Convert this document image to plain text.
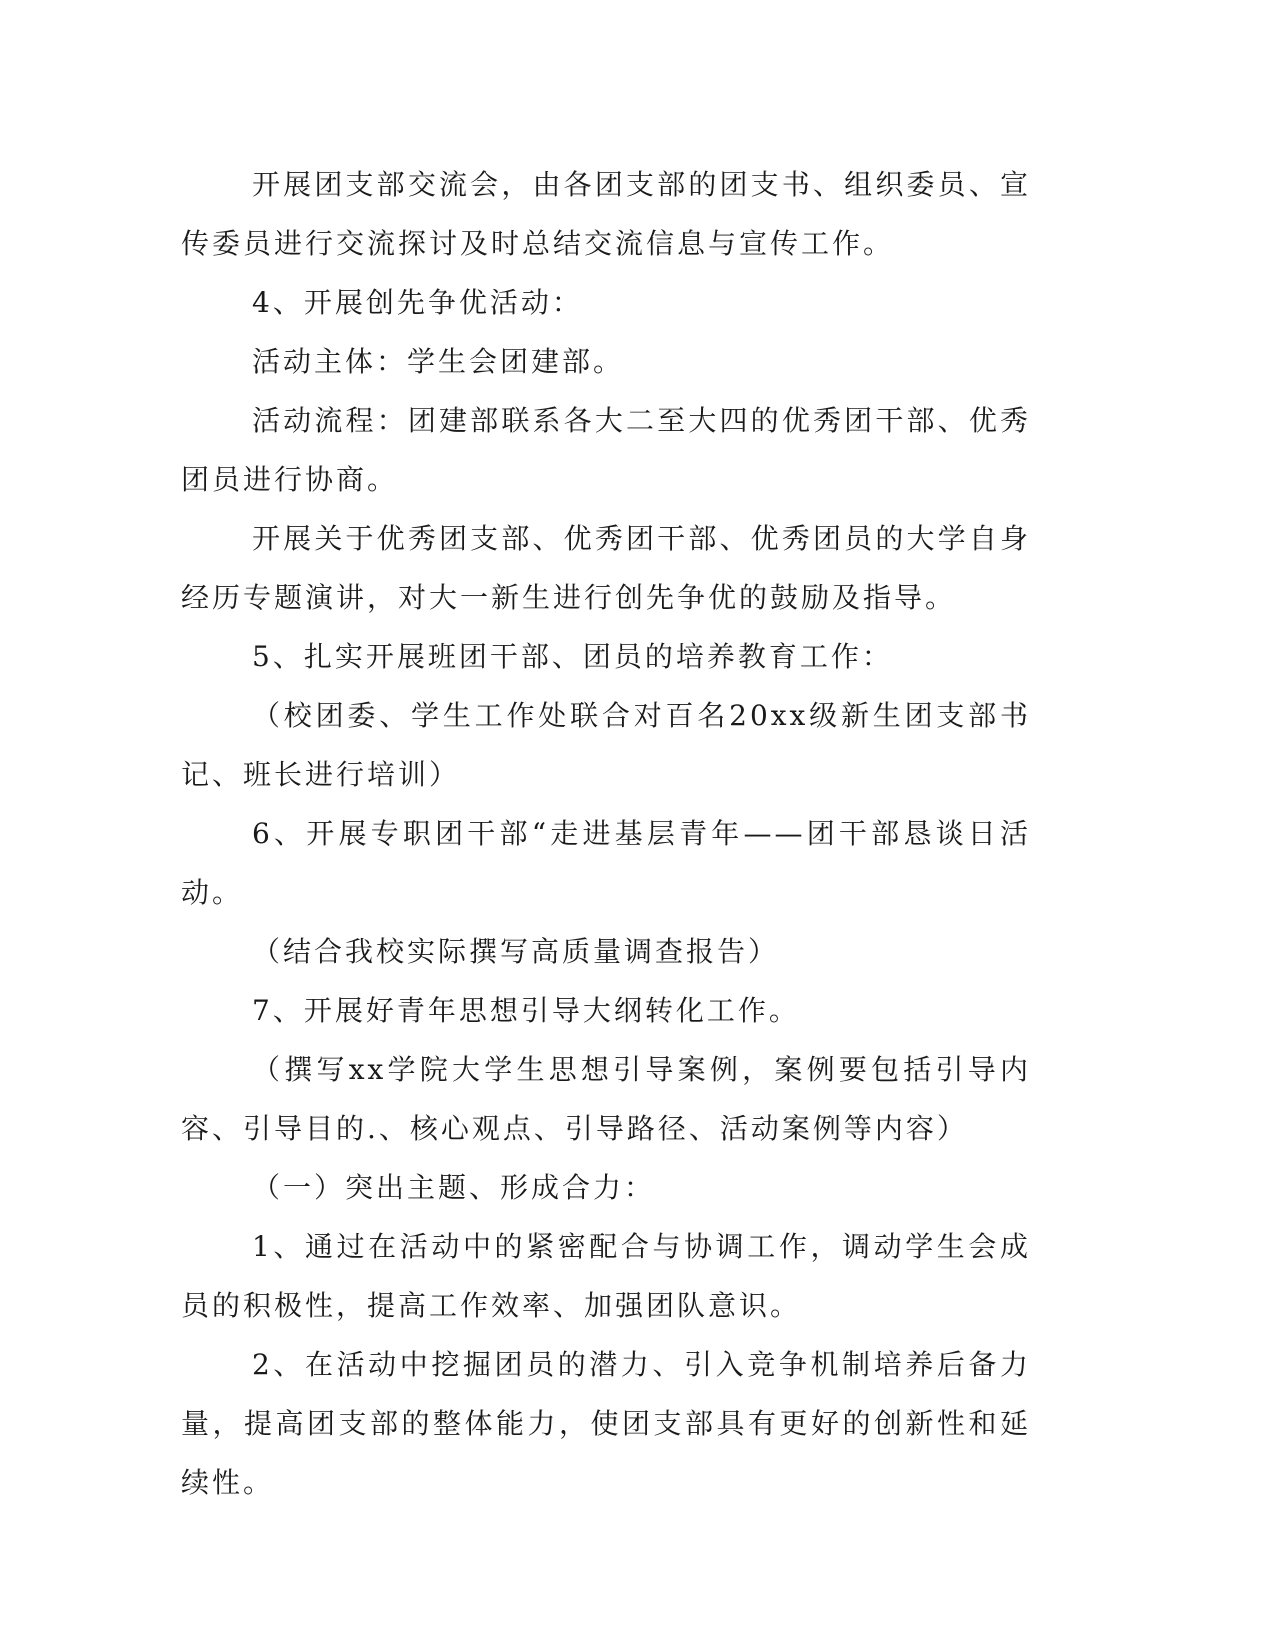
开展团支部交流会，由各团支部的团支书、组织委员、宣传委员进行交流探讨及时总结交流信息与宣传工作。

4、开展创先争优活动：

活动主体：学生会团建部。

活动流程：团建部联系各大二至大四的优秀团干部、优秀团员进行协商。

开展关于优秀团支部、优秀团干部、优秀团员的大学自身经历专题演讲，对大一新生进行创先争优的鼓励及指导。

5、扎实开展班团干部、团员的培养教育工作：

（校团委、学生工作处联合对百名20xx级新生团支部书记、班长进行培训）

6、开展专职团干部“走进基层青年——团干部恳谈日活动。

（结合我校实际撰写高质量调查报告）

7、开展好青年思想引导大纲转化工作。

（撰写xx学院大学生思想引导案例，案例要包括引导内容、引导目的.、核心观点、引导路径、活动案例等内容）

（一）突出主题、形成合力：

1、通过在活动中的紧密配合与协调工作，调动学生会成员的积极性，提高工作效率、加强团队意识。

2、在活动中挖掘团员的潜力、引入竞争机制培养后备力量，提高团支部的整体能力，使团支部具有更好的创新性和延续性。
